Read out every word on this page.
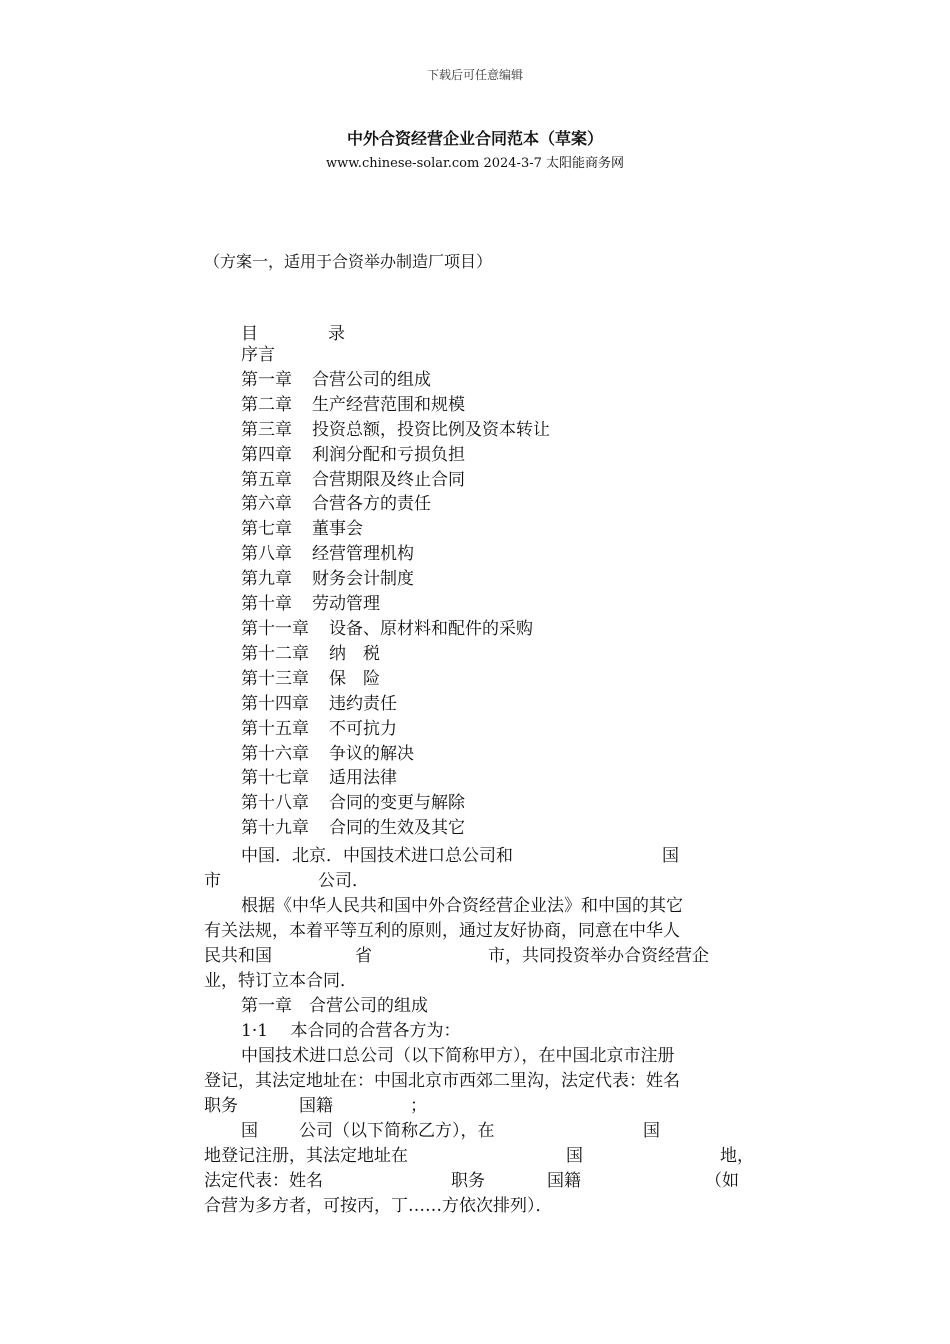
下载后可任意编辑
中外合资经营企业合同范本（草案）
www.chinese-solar.com 2024-3-7 太阳能商务网
（方案一，适用于合资举办制造厂项目）
目	录
序言
第一章 合营公司的组成
第二章 生产经营范围和规模
第三章 投资总额，投资比例及资本转让
第四章 利润分配和亏损负担
第五章 合营期限及终止合同
第六章 合营各方的责任
第七章 董事会
第八章 经营管理机构
第九章 财务会计制度
第十章 劳动管理
第十一章 设备、原材料和配件的采购
第十二章 纳　税
第十三章 保　险
第十四章 违约责任
第十五章 不可抗力
第十六章 争议的解决
第十七章 适用法律
第十八章 合同的变更与解除
第十九章 合同的生效及其它
中国．北京．中国技术进口总公司和	国
市	公司．
根据《中华人民共和国中外合资经营企业法》和中国的其它
有关法规，本着平等互利的原则，通过友好协商，同意在中华人
民共和国	省	市，共同投资举办合资经营企
业，特订立本合同．
第一章　合营公司的组成
1·1　 本合同的合营各方为：
中国技术进口总公司（以下简称甲方），在中国北京市注册
登记，其法定地址在：中国北京市西郊二里沟，法定代表：姓名
职务	国籍	；
国 公司（以下简称乙方），在	国
地登记注册，其法定地址在	国	地，
法定代表：姓名	职务	国籍	（如
合营为多方者，可按丙，丁……方依次排列）．
